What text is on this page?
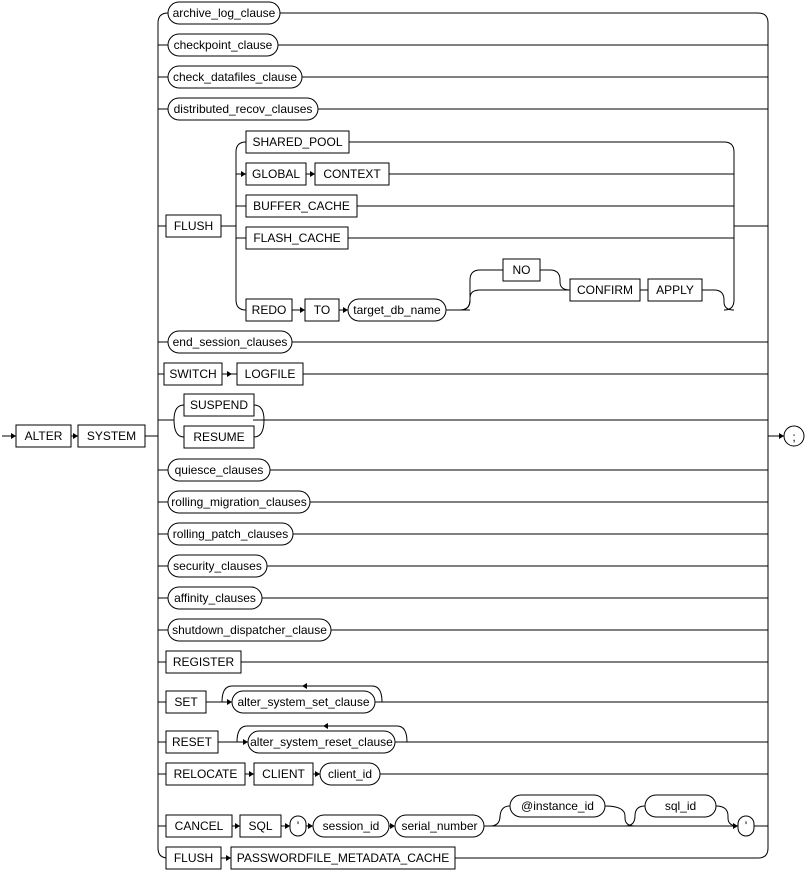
ALTER SYSTEM	;
archive_log_clause
checkpoint_clause
check_datafiles_clause
distributed_recov_clauses
FLUSH
SHARED_POOL
GLOBAL CONTEXT
BUFFER_CACHE
FLASH_CACHE
REDO TO target_db_name
NO
CONFIRM APPLY
end_session_clauses
SWITCH LOGFILE
SUSPEND
RESUME
quiesce_clauses
rolling_migration_clauses
rolling_patch_clauses
security_clauses
affinity_clauses
shutdown_dispatcher_clause
REGISTER
SET	alter_system_set_clause
RESET	alter_system_reset_clause
RELOCATE CLIENT client_id
CANCEL SQL ' session_id serial_number
@instance_id	sql_id
'
FLUSH PASSWORDFILE_METADATA_CACHE
